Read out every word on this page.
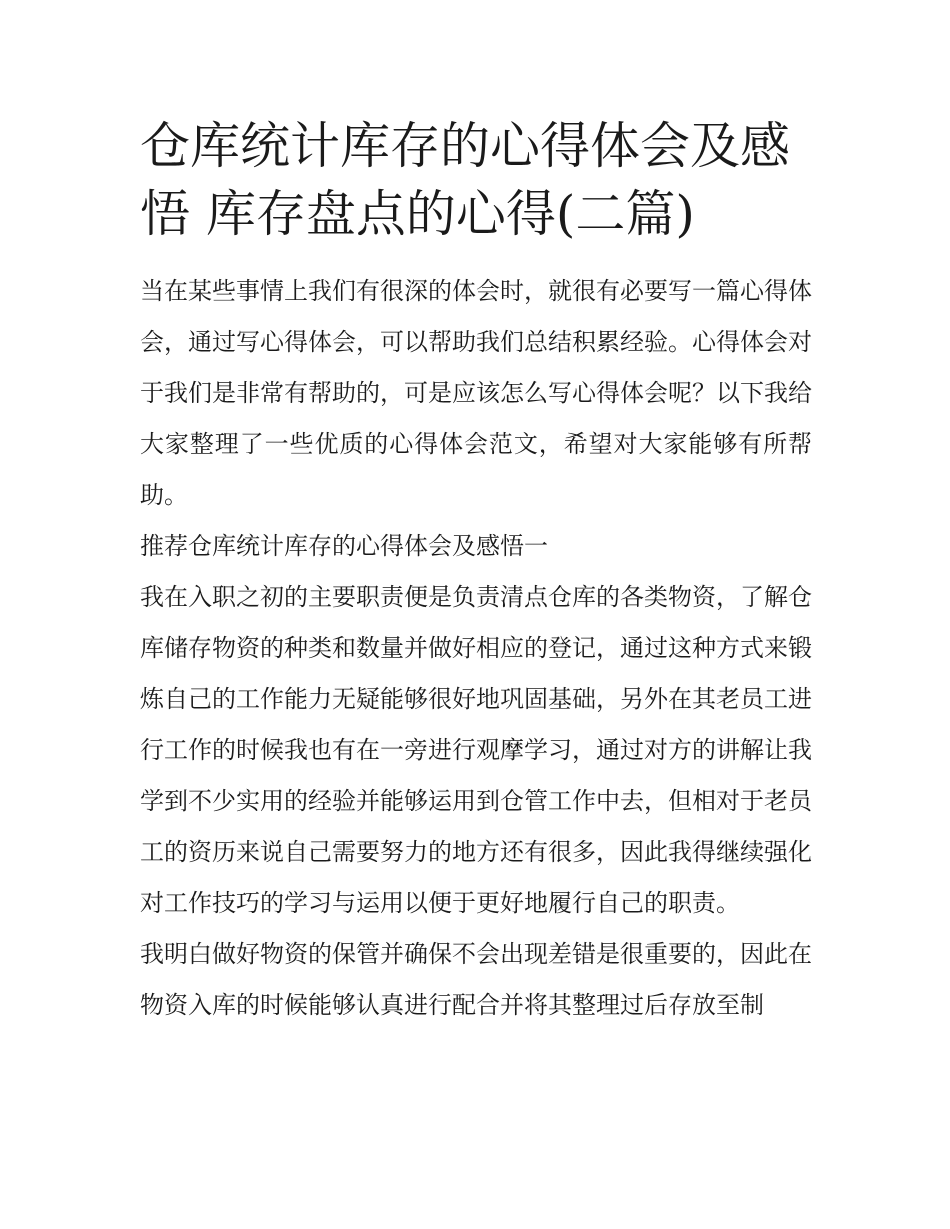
仓库统计库存的心得体会及感悟 库存盘点的心得(二篇)

当在某些事情上我们有很深的体会时，就很有必要写一篇心得体会，通过写心得体会，可以帮助我们总结积累经验。心得体会对于我们是非常有帮助的，可是应该怎么写心得体会呢？以下我给大家整理了一些优质的心得体会范文，希望对大家能够有所帮助。

推荐仓库统计库存的心得体会及感悟一

我在入职之初的主要职责便是负责清点仓库的各类物资，了解仓库储存物资的种类和数量并做好相应的登记，通过这种方式来锻炼自己的工作能力无疑能够很好地巩固基础，另外在其老员工进行工作的时候我也有在一旁进行观摩学习，通过对方的讲解让我学到不少实用的经验并能够运用到仓管工作中去，但相对于老员工的资历来说自己需要努力的地方还有很多，因此我得继续强化对工作技巧的学习与运用以便于更好地履行自己的职责。

我明白做好物资的保管并确保不会出现差错是很重要的，因此在物资入库的时候能够认真进行配合并将其整理过后存放至制
